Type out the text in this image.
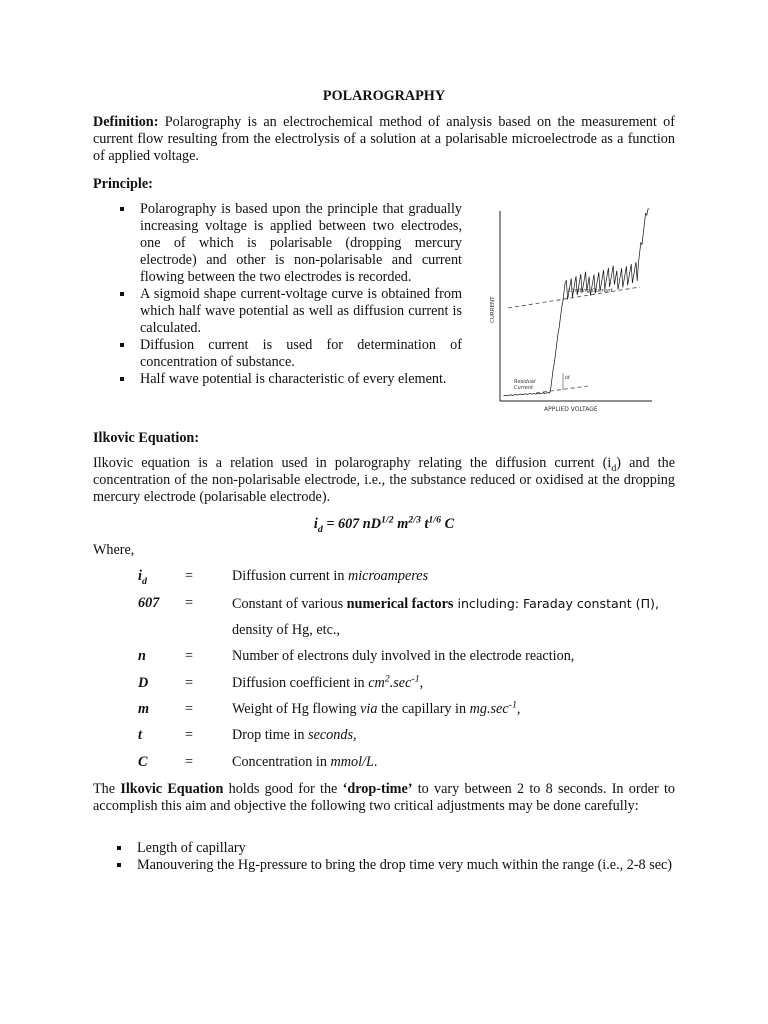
POLAROGRAPHY
Definition: Polarography is an electrochemical method of analysis based on the measurement of current flow resulting from the electrolysis of a solution at a polarisable microelectrode as a function of applied voltage.
Principle:
Polarography is based upon the principle that gradually increasing voltage is applied between two electrodes, one of which is polarisable (dropping mercury electrode) and other is non-polarisable and current flowing between the two electrodes is recorded.
A sigmoid shape current-voltage curve is obtained from which half wave potential as well as diffusion current is calculated.
Diffusion current is used for determination of concentration of substance.
Half wave potential is characteristic of every element.
CURRENT
APPLIED VOLTAGE
Limiting Current
Residual
Current
id
Ilkovic Equation:
Ilkovic equation is a relation used in polarography relating the diffusion current $(i_d)$ and the concentration of the non-polarisable electrode, i.e., the substance reduced or oxidised at the dropping mercury electrode (polarisable electrode).
$i_d = 607$ $nD^{1/2}$ $m^{2/3}$ $t^{1/6}$ C
Where,
$i_d$	=	Diffusion current in microamperes
607 =	Constant of various numerical factors including: Faraday constant (Π),
density of Hg, etc.,
n	=	Number of electrons duly involved in the electrode reaction,
D	=	Diffusion coefficient in $cm^2.\sec^{-1}$,
m	=	Weight of Hg flowing via the capillary in $mg.\sec^{-1}$,
t	=	Drop time in seconds,
C	=	Concentration in mmol/L.
The Ilkovic Equation holds good for the ‘drop-time’ to vary between 2 to 8 seconds. In order to accomplish this aim and objective the following two critical adjustments may be done carefully:
Length of capillary
Manouvering the Hg-pressure to bring the drop time very much within the range (i.e., 2-8 sec)
